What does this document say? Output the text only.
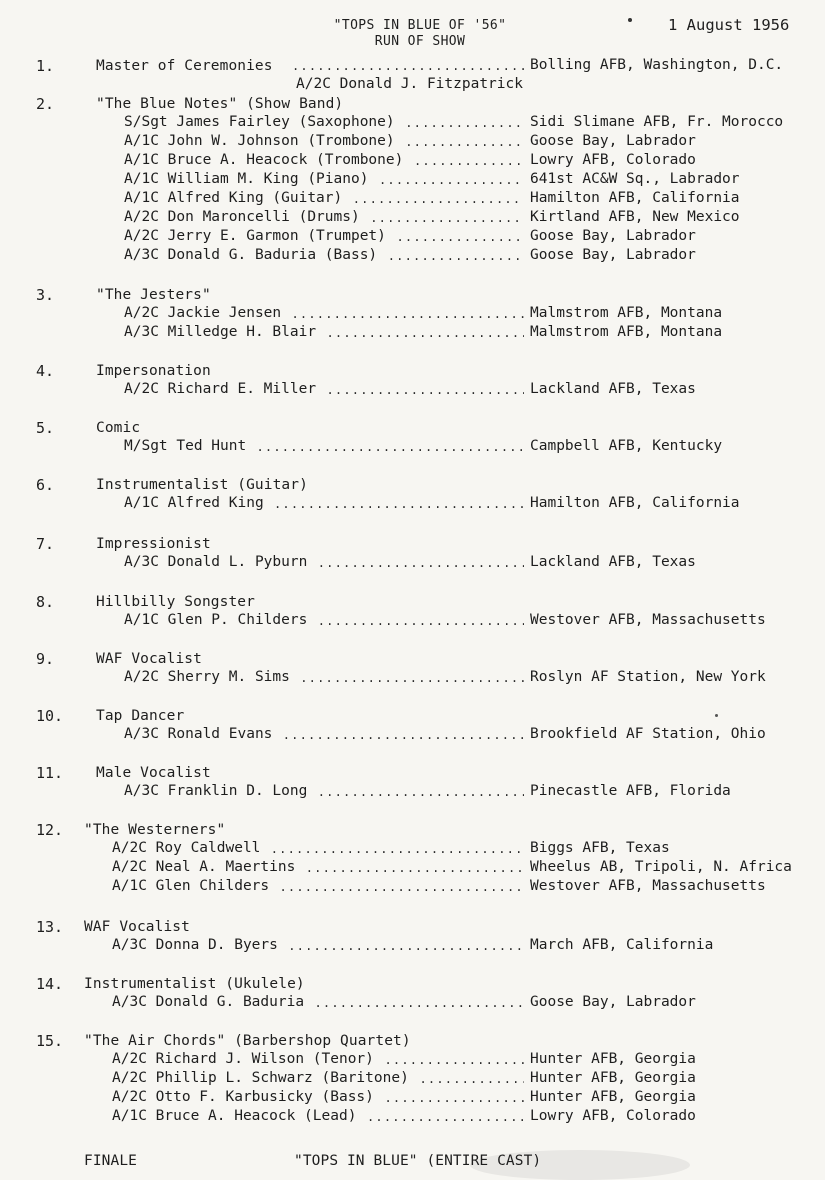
"TOPS IN BLUE OF '56"
RUN OF SHOW
1 August 1956
1.	Master of Ceremonies .....	Bolling AFB, Washington, D.C.
A/2C Donald J. Fitzpatrick
2.	"The Blue Notes" (Show Band)
S/Sgt James Fairley (Saxophone) .....	Sidi Slimane AFB, Fr. Morocco
A/1C John W. Johnson (Trombone) .....	Goose Bay, Labrador
A/1C Bruce A. Heacock (Trombone) .....	Lowry AFB, Colorado
A/1C William M. King (Piano) .....	641st AC&W Sq., Labrador
A/1C Alfred King (Guitar) .....	Hamilton AFB, California
A/2C Don Maroncelli (Drums) .....	Kirtland AFB, New Mexico
A/2C Jerry E. Garmon (Trumpet) .....	Goose Bay, Labrador
A/3C Donald G. Baduria (Bass) .....	Goose Bay, Labrador
3.	"The Jesters"
A/2C Jackie Jensen .....	Malmstrom AFB, Montana
A/3C Milledge H. Blair .....	Malmstrom AFB, Montana
4.	Impersonation
A/2C Richard E. Miller .....	Lackland AFB, Texas
5.	Comic
M/Sgt Ted Hunt .....	Campbell AFB, Kentucky
6.	Instrumentalist (Guitar)
A/1C Alfred King .....	Hamilton AFB, California
7.	Impressionist
A/3C Donald L. Pyburn .....	Lackland AFB, Texas
8.	Hillbilly Songster
A/1C Glen P. Childers .....	Westover AFB, Massachusetts
9.	WAF Vocalist
A/2C Sherry M. Sims .....	Roslyn AF Station, New York
10. Tap Dancer
A/3C Ronald Evans .....	Brookfield AF Station, Ohio
11. Male Vocalist
A/3C Franklin D. Long .....	Pinecastle AFB, Florida
12. "The Westerners"
A/2C Roy Caldwell .....	Biggs AFB, Texas
A/2C Neal A. Maertins .....	Wheelus AB, Tripoli, N. Africa
A/1C Glen Childers .....	Westover AFB, Massachusetts
13. WAF Vocalist
A/3C Donna D. Byers .....	March AFB, California
14. Instrumentalist (Ukulele)
A/3C Donald G. Baduria .....	Goose Bay, Labrador
15. "The Air Chords" (Barbershop Quartet)
A/2C Richard J. Wilson (Tenor) .....	Hunter AFB, Georgia
A/2C Phillip L. Schwarz (Baritone) .....	Hunter AFB, Georgia
A/2C Otto F. Karbusicky (Bass) .....	Hunter AFB, Georgia
A/1C Bruce A. Heacock (Lead) .....	Lowry AFB, Colorado
FINALE	"TOPS IN BLUE" (ENTIRE CAST)
